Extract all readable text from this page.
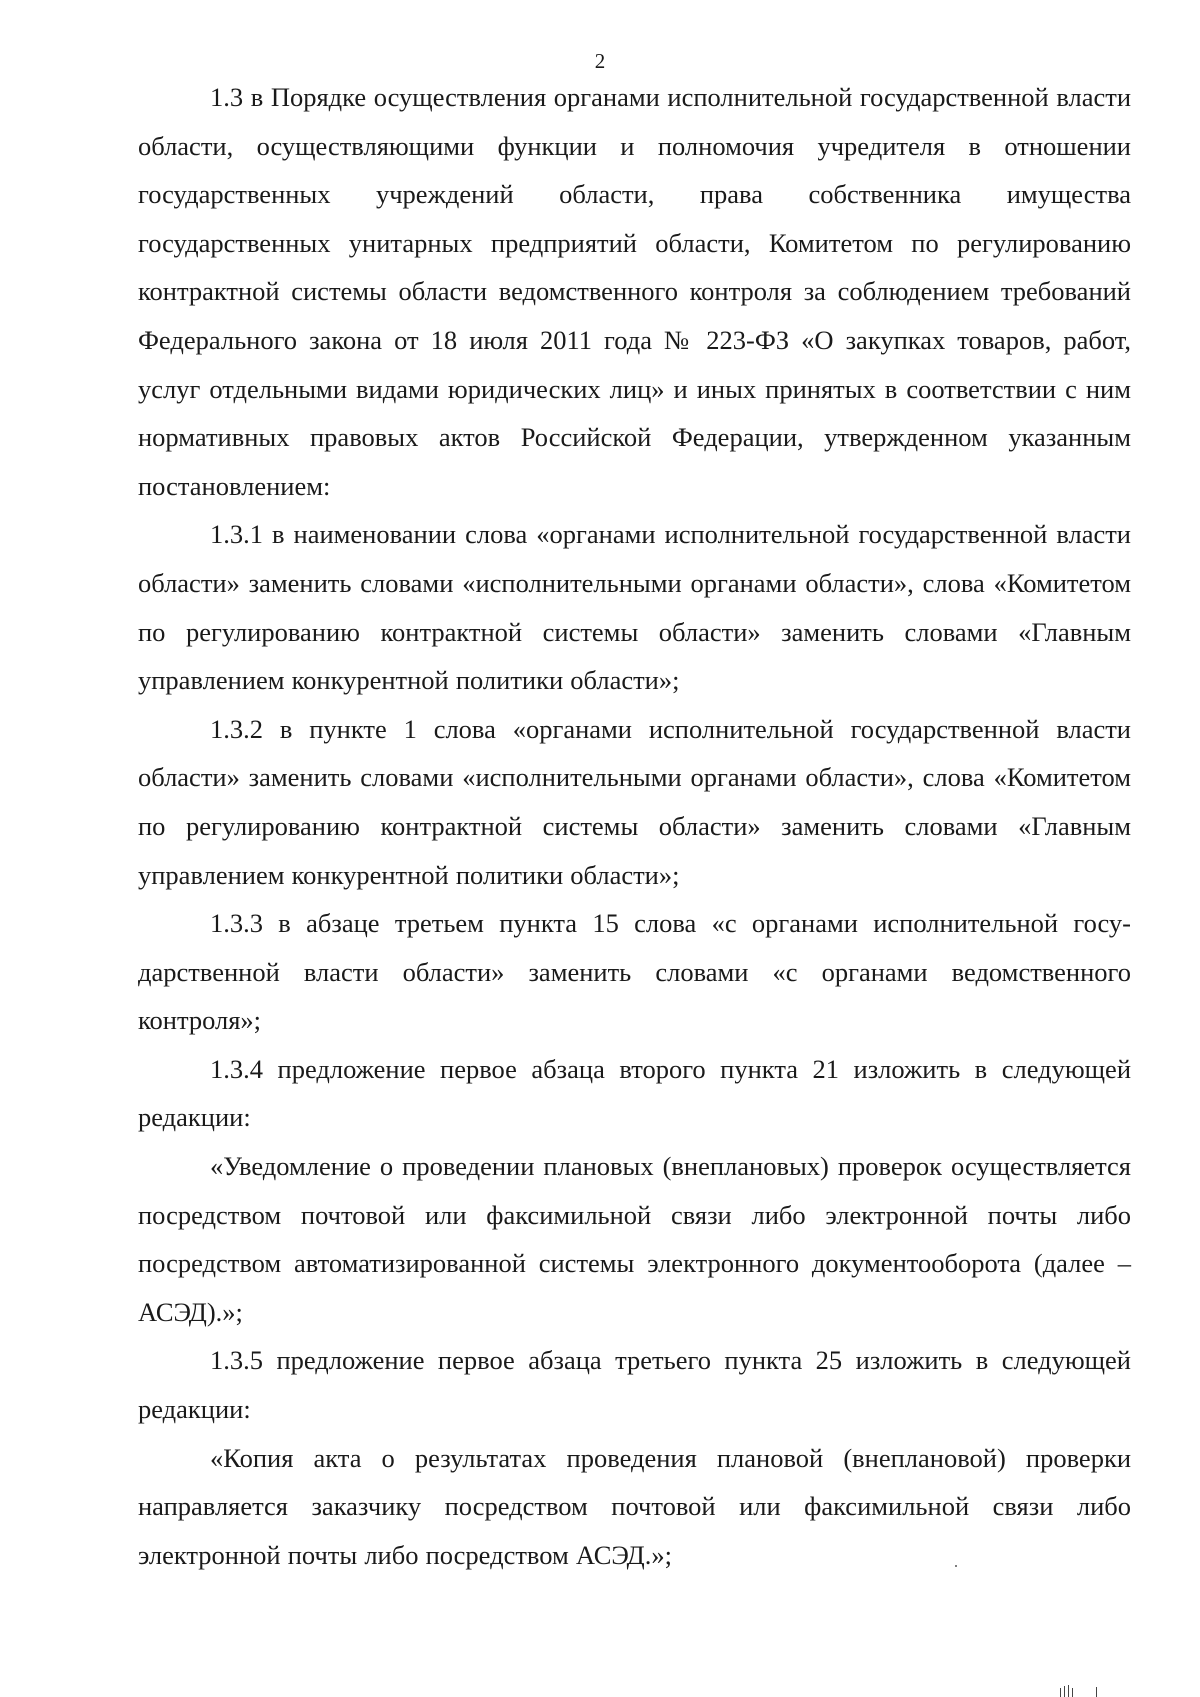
2

1.3 в Порядке осуществления органами исполнительной государственной власти области, осуществляющими функции и полномочия учредителя в отношении государственных учреждений области, права собственника имущества государственных унитарных предприятий области, Комитетом по регулированию контрактной системы области ведомственного контроля за соблюдением требований Федерального закона от 18 июля 2011 года № 223-ФЗ «О закупках товаров, работ, услуг отдельными видами юридических лиц» и иных принятых в соответствии с ним нормативных правовых актов Российской Федерации, утвержденном указанным постановлением:

1.3.1 в наименовании слова «органами исполнительной государственной власти области» заменить словами «исполнительными органами области», слова «Комитетом по регулированию контрактной системы области» заменить словами «Главным управлением конкурентной политики области»;

1.3.2 в пункте 1 слова «органами исполнительной государственной власти области» заменить словами «исполнительными органами области», слова «Комитетом по регулированию контрактной системы области» заменить словами «Главным управлением конкурентной политики области»;

1.3.3 в абзаце третьем пункта 15 слова «с органами исполнительной государственной власти области» заменить словами «с органами ведомственного контроля»;

1.3.4 предложение первое абзаца второго пункта 21 изложить в следующей редакции:

«Уведомление о проведении плановых (внеплановых) проверок осуществляется посредством почтовой или факсимильной связи либо электронной почты либо посредством автоматизированной системы электронного документооборота (далее – АСЭД).»;

1.3.5 предложение первое абзаца третьего пункта 25 изложить в следующей редакции:

«Копия акта о результатах проведения плановой (внеплановой) проверки направляется заказчику посредством почтовой или факсимильной связи либо электронной почты либо посредством АСЭД.»;
